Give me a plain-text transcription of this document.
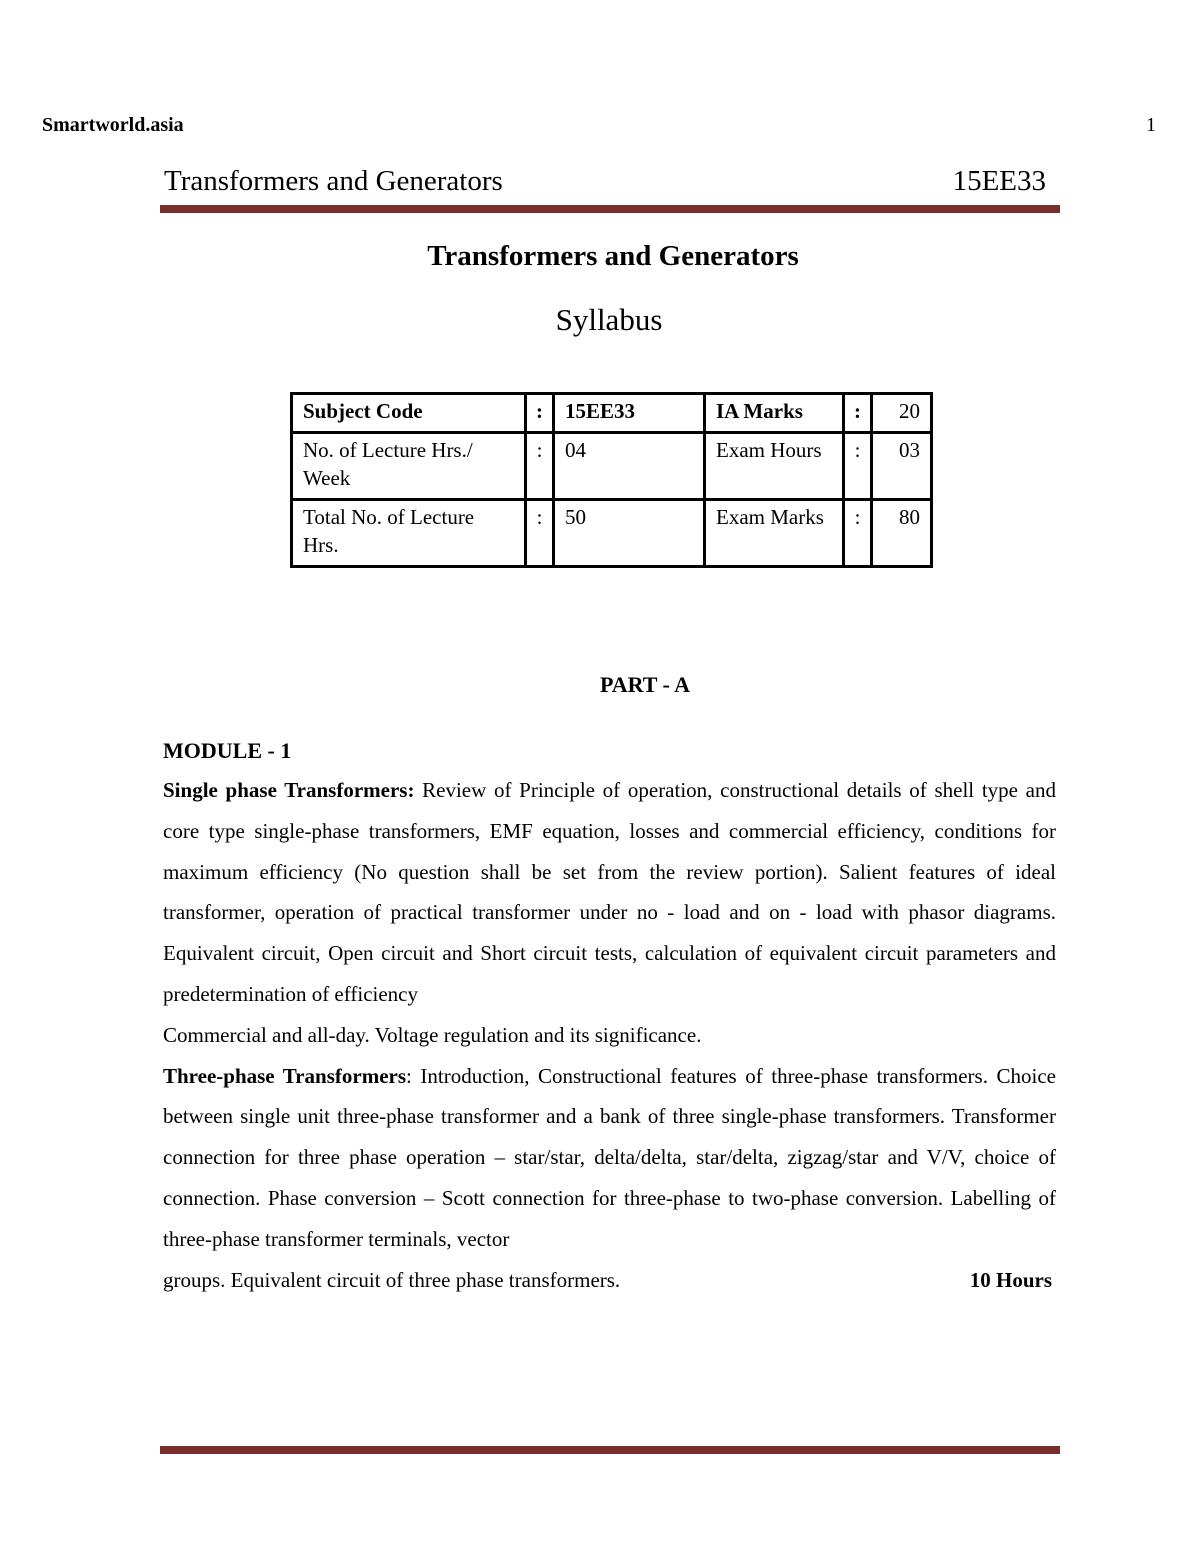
Smartworld.asia	1
Transformers and Generators	15EE33
Transformers and Generators
Syllabus
Subject Code	:	15EE33	IA Marks	:	20
No. of Lecture Hrs./ Week	:	04	Exam Hours	:	03
Total No. of Lecture Hrs.	:	50	Exam Marks	:	80
PART - A
MODULE - 1

Single phase Transformers: Review of Principle of operation, constructional details of shell type and core type single-phase transformers, EMF equation, losses and commercial efficiency, conditions for maximum efficiency (No question shall be set from the review portion). Salient features of ideal transformer, operation of practical transformer under no - load and on - load with phasor diagrams. Equivalent circuit, Open circuit and Short circuit tests, calculation of equivalent circuit parameters and predetermination of efficiency

Commercial and all-day. Voltage regulation and its significance.

Three-phase Transformers: Introduction, Constructional features of three-phase transformers. Choice between single unit three-phase transformer and a bank of three single-phase transformers. Transformer connection for three phase operation – star/star, delta/delta, star/delta, zigzag/star and V/V, choice of connection. Phase conversion – Scott connection for three-phase to two-phase conversion. Labelling of three-phase transformer terminals, vector

groups. Equivalent circuit of three phase transformers.	10 Hours
